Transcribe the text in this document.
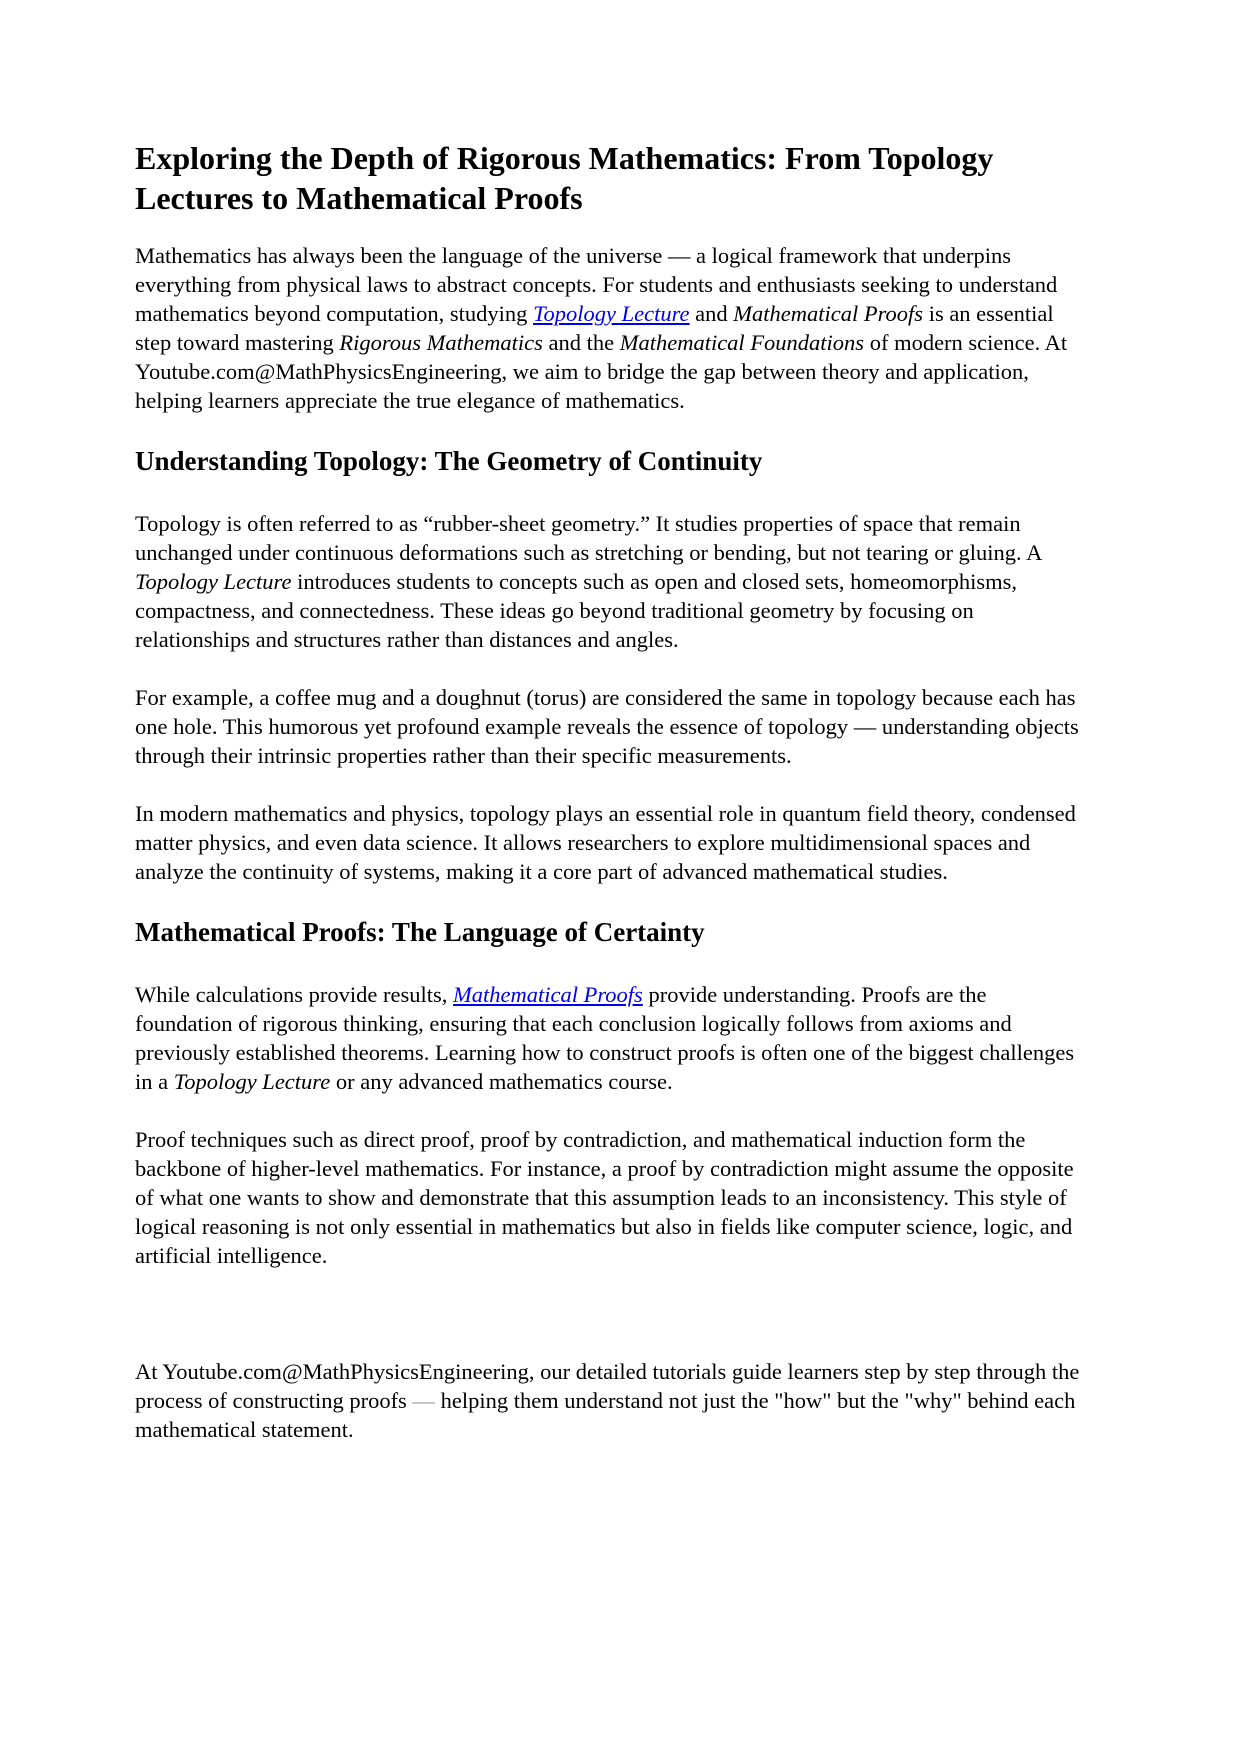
Exploring the Depth of Rigorous Mathematics: From Topology Lectures to Mathematical Proofs

Mathematics has always been the language of the universe — a logical framework that underpins everything from physical laws to abstract concepts. For students and enthusiasts seeking to understand mathematics beyond computation, studying Topology Lecture and Mathematical Proofs is an essential step toward mastering Rigorous Mathematics and the Mathematical Foundations of modern science. At Youtube.com@MathPhysicsEngineering, we aim to bridge the gap between theory and application, helping learners appreciate the true elegance of mathematics.

Understanding Topology: The Geometry of Continuity

Topology is often referred to as “rubber-sheet geometry.” It studies properties of space that remain unchanged under continuous deformations such as stretching or bending, but not tearing or gluing. A Topology Lecture introduces students to concepts such as open and closed sets, homeomorphisms, compactness, and connectedness. These ideas go beyond traditional geometry by focusing on relationships and structures rather than distances and angles.

For example, a coffee mug and a doughnut (torus) are considered the same in topology because each has one hole. This humorous yet profound example reveals the essence of topology — understanding objects through their intrinsic properties rather than their specific measurements.

In modern mathematics and physics, topology plays an essential role in quantum field theory, condensed matter physics, and even data science. It allows researchers to explore multidimensional spaces and analyze the continuity of systems, making it a core part of advanced mathematical studies.

Mathematical Proofs: The Language of Certainty

While calculations provide results, Mathematical Proofs provide understanding. Proofs are the foundation of rigorous thinking, ensuring that each conclusion logically follows from axioms and previously established theorems. Learning how to construct proofs is often one of the biggest challenges in a Topology Lecture or any advanced mathematics course.

Proof techniques such as direct proof, proof by contradiction, and mathematical induction form the backbone of higher-level mathematics. For instance, a proof by contradiction might assume the opposite of what one wants to show and demonstrate that this assumption leads to an inconsistency. This style of logical reasoning is not only essential in mathematics but also in fields like computer science, logic, and artificial intelligence.

At Youtube.com@MathPhysicsEngineering, our detailed tutorials guide learners step by step through the process of constructing proofs — helping them understand not just the "how" but the "why" behind each mathematical statement.
